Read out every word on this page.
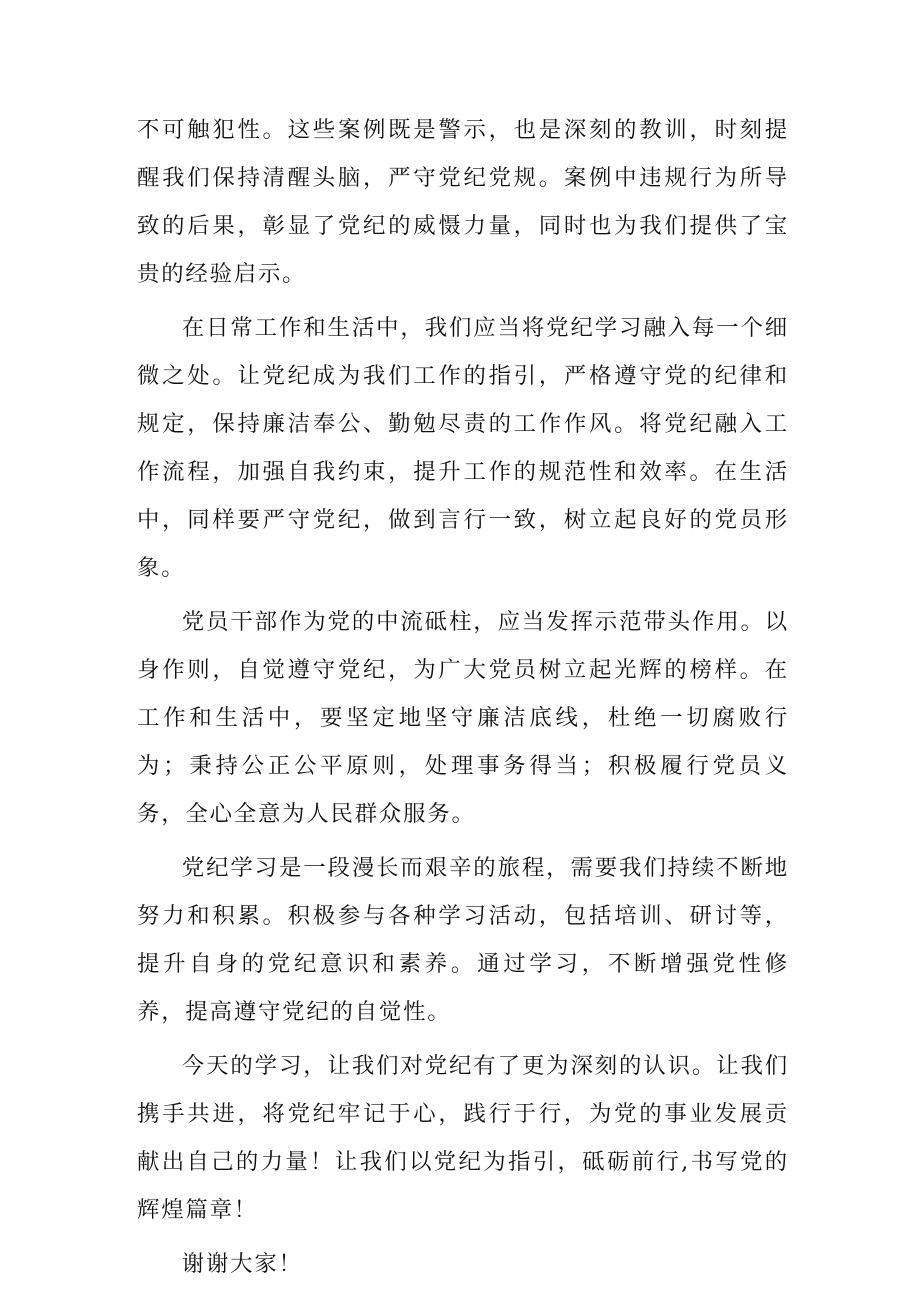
不可触犯性。这些案例既是警示，也是深刻的教训，时刻提醒我们保持清醒头脑，严守党纪党规。案例中违规行为所导致的后果，彰显了党纪的威慑力量，同时也为我们提供了宝贵的经验启示。

在日常工作和生活中，我们应当将党纪学习融入每一个细微之处。让党纪成为我们工作的指引，严格遵守党的纪律和规定，保持廉洁奉公、勤勉尽责的工作作风。将党纪融入工作流程，加强自我约束，提升工作的规范性和效率。在生活中，同样要严守党纪，做到言行一致，树立起良好的党员形象。

党员干部作为党的中流砥柱，应当发挥示范带头作用。以身作则，自觉遵守党纪，为广大党员树立起光辉的榜样。在工作和生活中，要坚定地坚守廉洁底线，杜绝一切腐败行为；秉持公正公平原则，处理事务得当；积极履行党员义务，全心全意为人民群众服务。

党纪学习是一段漫长而艰辛的旅程，需要我们持续不断地努力和积累。积极参与各种学习活动，包括培训、研讨等，提升自身的党纪意识和素养。通过学习，不断增强党性修养，提高遵守党纪的自觉性。

今天的学习，让我们对党纪有了更为深刻的认识。让我们携手共进，将党纪牢记于心，践行于行，为党的事业发展贡献出自己的力量！让我们以党纪为指引，砥砺前行,书写党的辉煌篇章！

谢谢大家！
